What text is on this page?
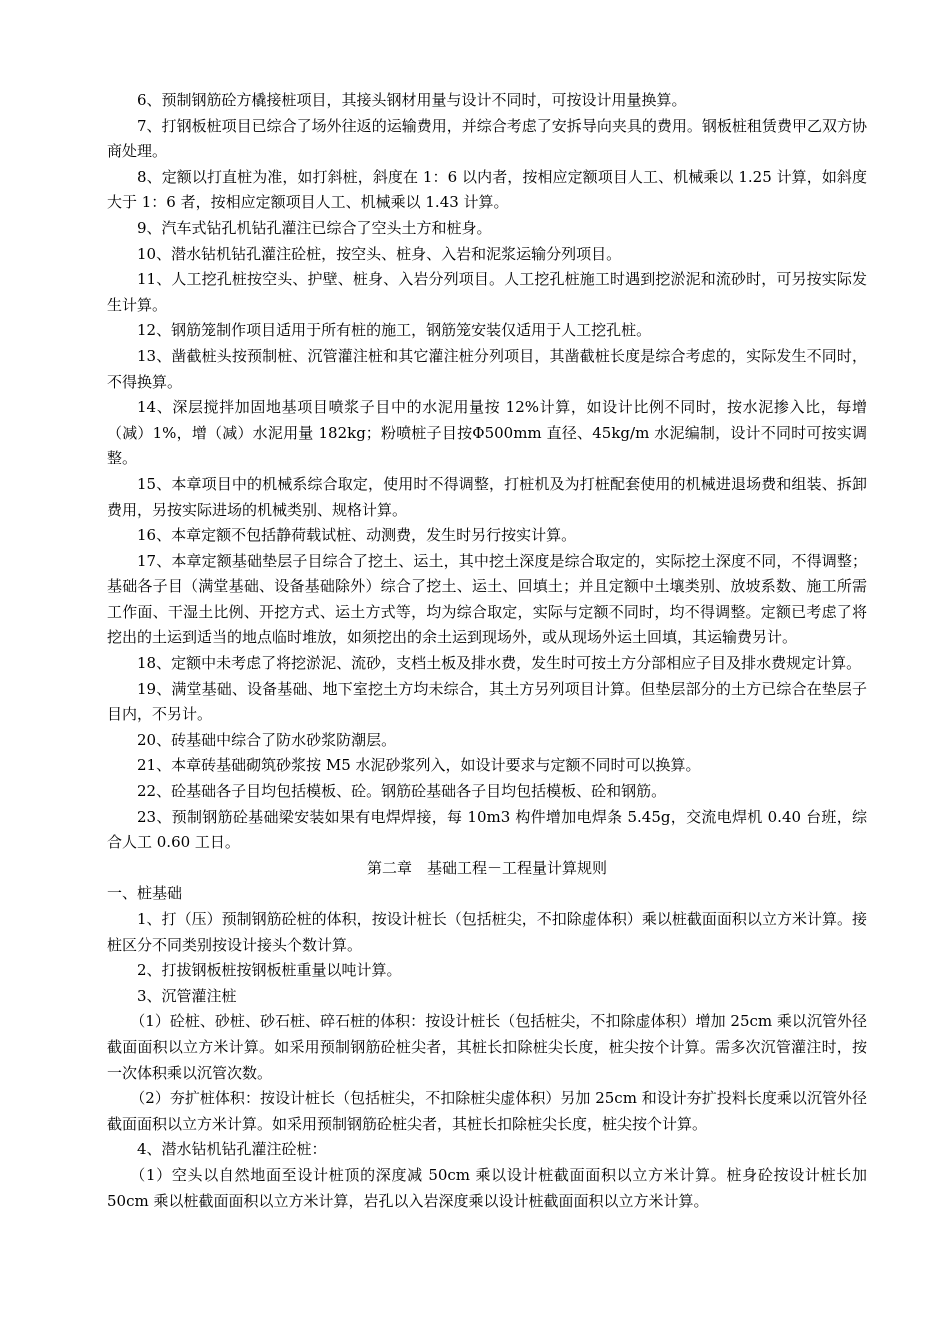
6、预制钢筋砼方橇接桩项目，其接头钢材用量与设计不同时，可按设计用量换算。

7、打钢板桩项目已综合了场外往返的运输费用，并综合考虑了安拆导向夹具的费用。钢板桩租赁费甲乙双方协商处理。

8、定额以打直桩为准，如打斜桩，斜度在 1：6 以内者，按相应定额项目人工、机械乘以 1.25 计算，如斜度大于 1：6 者，按相应定额项目人工、机械乘以 1.43 计算。

9、汽车式钻孔机钻孔灌注已综合了空头土方和桩身。

10、潜水钻机钻孔灌注砼桩，按空头、桩身、入岩和泥浆运输分列项目。

11、人工挖孔桩按空头、护壁、桩身、入岩分列项目。人工挖孔桩施工时遇到挖淤泥和流砂时，可另按实际发生计算。

12、钢筋笼制作项目适用于所有桩的施工，钢筋笼安装仅适用于人工挖孔桩。

13、凿截桩头按预制桩、沉管灌注桩和其它灌注桩分列项目，其凿截桩长度是综合考虑的，实际发生不同时，不得换算。

14、深层搅拌加固地基项目喷浆子目中的水泥用量按 12%计算，如设计比例不同时，按水泥掺入比，每增（减）1%，增（减）水泥用量 182kg；粉喷桩子目按Φ500mm 直径、45kg/m 水泥编制，设计不同时可按实调整。

15、本章项目中的机械系综合取定，使用时不得调整，打桩机及为打桩配套使用的机械进退场费和组装、拆卸费用，另按实际进场的机械类别、规格计算。

16、本章定额不包括静荷载试桩、动测费，发生时另行按实计算。

17、本章定额基础垫层子目综合了挖土、运土，其中挖土深度是综合取定的，实际挖土深度不同，不得调整；基础各子目（满堂基础、设备基础除外）综合了挖土、运土、回填土；并且定额中土壤类别、放坡系数、施工所需工作面、干湿土比例、开挖方式、运土方式等，均为综合取定，实际与定额不同时，均不得调整。定额已考虑了将挖出的土运到适当的地点临时堆放，如须挖出的余土运到现场外，或从现场外运土回填，其运输费另计。

18、定额中未考虑了将挖淤泥、流砂，支档土板及排水费，发生时可按土方分部相应子目及排水费规定计算。

19、满堂基础、设备基础、地下室挖土方均未综合，其土方另列项目计算。但垫层部分的土方已综合在垫层子目内，不另计。

20、砖基础中综合了防水砂浆防潮层。

21、本章砖基础砌筑砂浆按 M5 水泥砂浆列入，如设计要求与定额不同时可以换算。

22、砼基础各子目均包括模板、砼。钢筋砼基础各子目均包括模板、砼和钢筋。

23、预制钢筋砼基础梁安装如果有电焊焊接，每 10m3 构件增加电焊条 5.45g，交流电焊机 0.40 台班，综合人工 0.60 工日。

第二章　基础工程－工程量计算规则

一、桩基础

1、打（压）预制钢筋砼桩的体积，按设计桩长（包括桩尖，不扣除虚体积）乘以桩截面面积以立方米计算。接桩区分不同类别按设计接头个数计算。

2、打拔钢板桩按钢板桩重量以吨计算。

3、沉管灌注桩

（1）砼桩、砂桩、砂石桩、碎石桩的体积：按设计桩长（包括桩尖，不扣除虚体积）增加 25cm 乘以沉管外径截面面积以立方米计算。如采用预制钢筋砼桩尖者，其桩长扣除桩尖长度，桩尖按个计算。需多次沉管灌注时，按一次体积乘以沉管次数。

（2）夯扩桩体积：按设计桩长（包括桩尖，不扣除桩尖虚体积）另加 25cm 和设计夯扩投料长度乘以沉管外径截面面积以立方米计算。如采用预制钢筋砼桩尖者，其桩长扣除桩尖长度，桩尖按个计算。

4、潜水钻机钻孔灌注砼桩：

（1）空头以自然地面至设计桩顶的深度减 50cm 乘以设计桩截面面积以立方米计算。桩身砼按设计桩长加 50cm 乘以桩截面面积以立方米计算，岩孔以入岩深度乘以设计桩截面面积以立方米计算。
